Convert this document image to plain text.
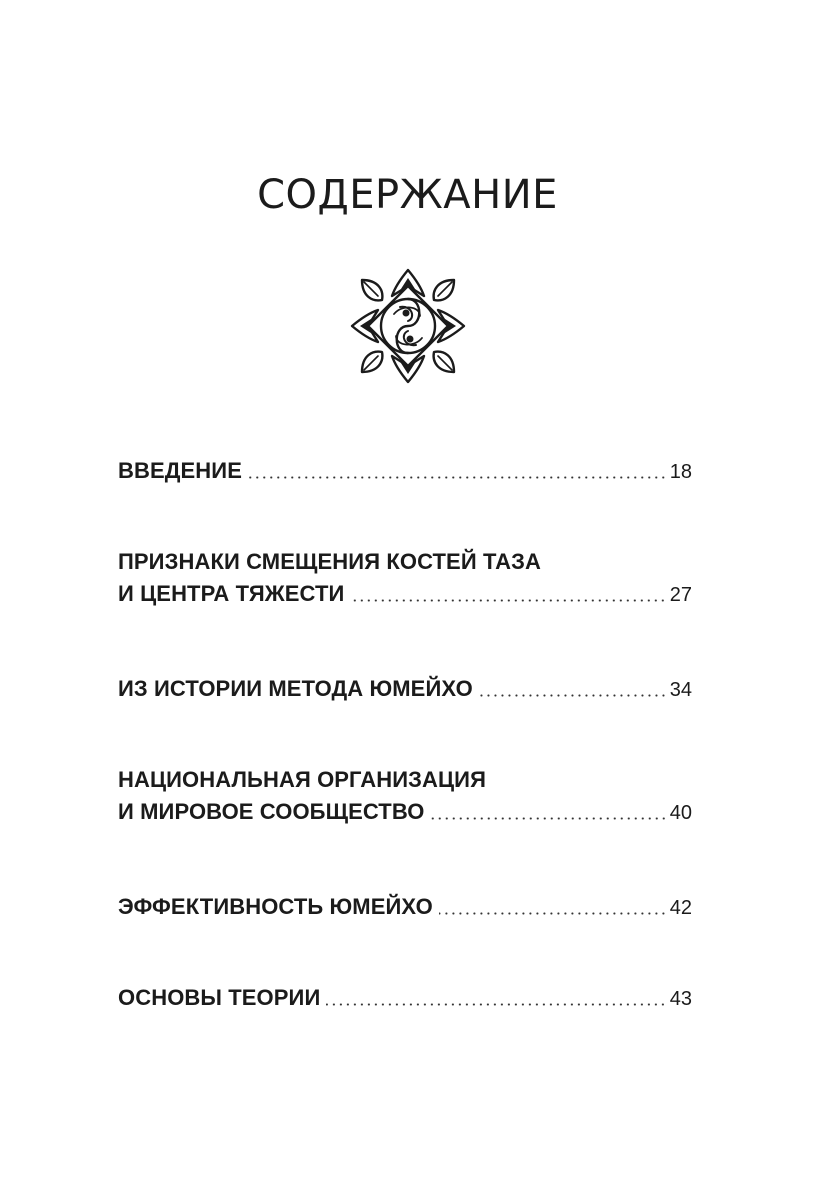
СОДЕРЖАНИЕ
ВВЕДЕНИЕ	18
ПРИЗНАКИ СМЕЩЕНИЯ КОСТЕЙ ТАЗА
И ЦЕНТРА ТЯЖЕСТИ	27
ИЗ ИСТОРИИ МЕТОДА ЮМЕЙХО	34
НАЦИОНАЛЬНАЯ ОРГАНИЗАЦИЯ
И МИРОВОЕ СООБЩЕСТВО	40
ЭФФЕКТИВНОСТЬ ЮМЕЙХО	42
ОСНОВЫ ТЕОРИИ	43
